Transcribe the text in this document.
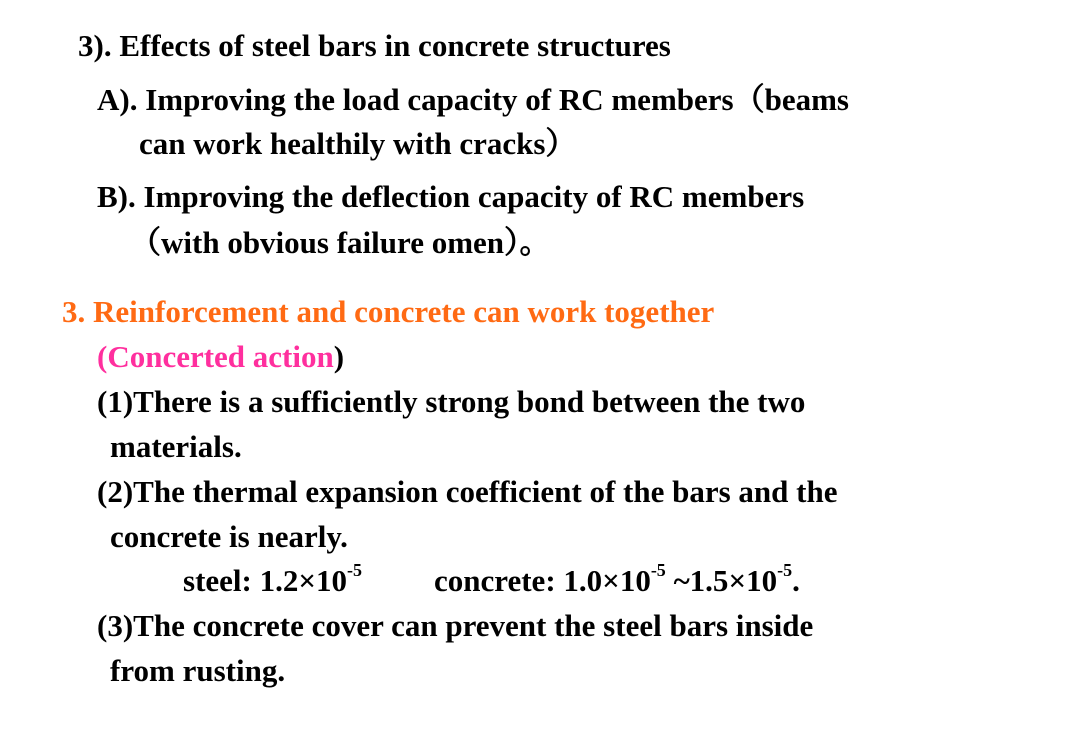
3). Effects of steel bars in concrete structures
A). Improving the load capacity of RC members（beams
can work healthily with cracks）
B). Improving the deflection capacity of RC members
（with obvious failure omen）。
3. Reinforcement and concrete can work together
(Concerted action)
(1)There is a sufficiently strong bond between the two
materials.
(2)The thermal expansion coefficient of the bars and the
concrete is nearly.
steel: $1.2\times 10^{-5}$ concrete: $1.0\times 10^{-5}$ $\sim 1.5\times 10^{-5}$.
(3)The concrete cover can prevent the steel bars inside
from rusting.
